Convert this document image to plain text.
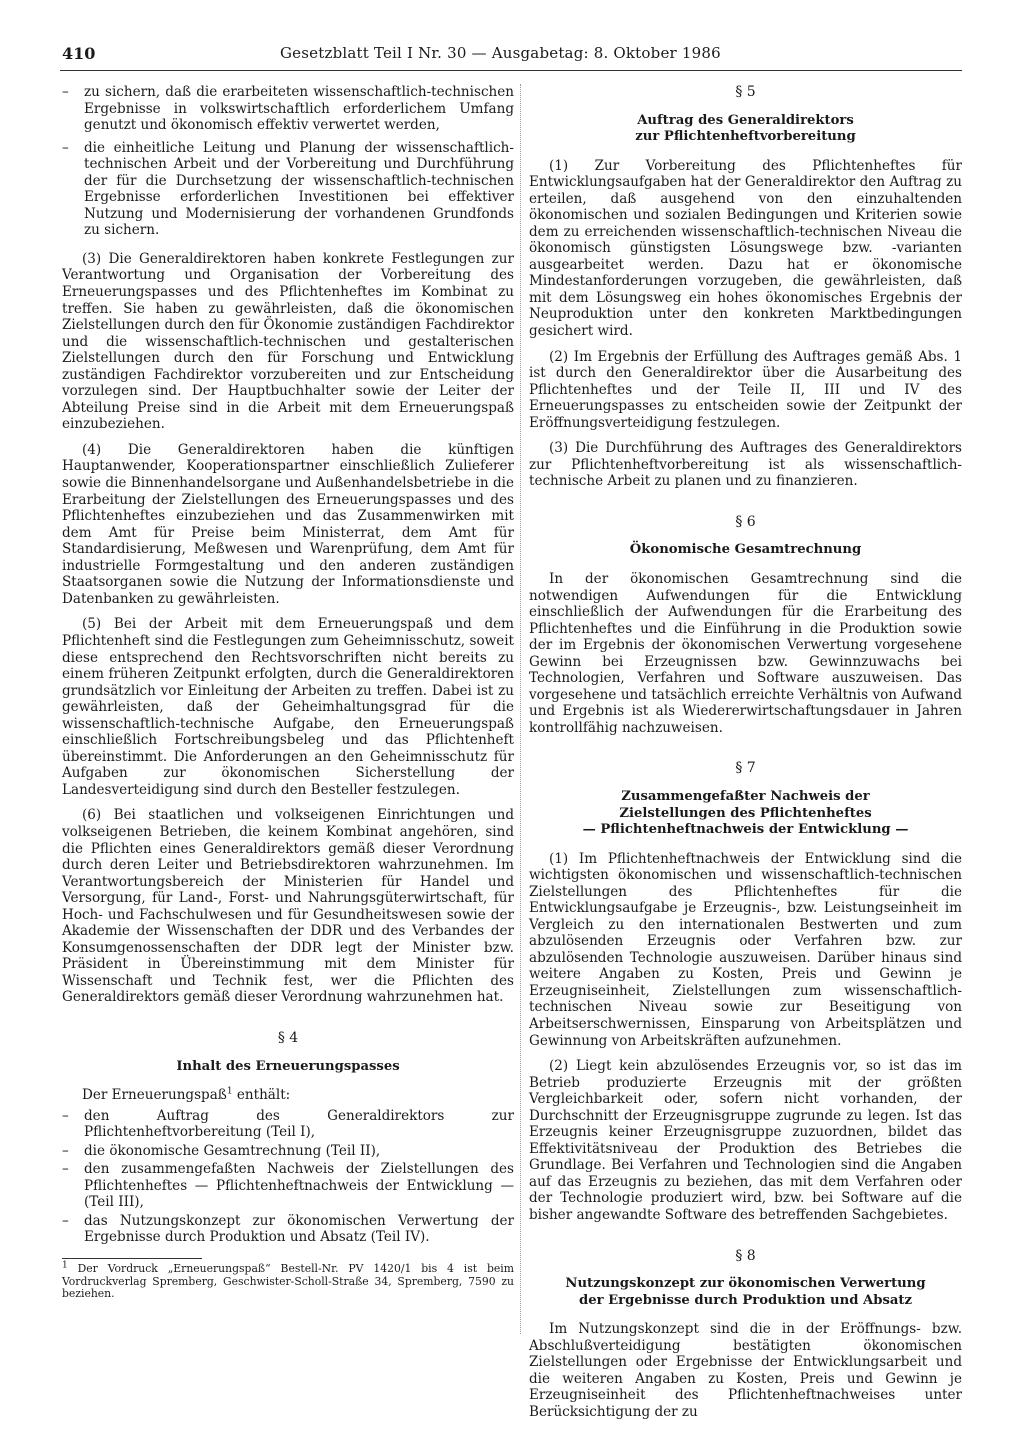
410	Gesetzblatt Teil I Nr. 30 — Ausgabetag: 8. Oktober 1986

– zu sichern, daß die erarbeiteten wissenschaftlich-technischen Ergebnisse in volkswirtschaftlich erforderlichem Umfang genutzt und ökonomisch effektiv verwertet werden,

– die einheitliche Leitung und Planung der wissenschaftlich-technischen Arbeit und der Vorbereitung und Durchführung der für die Durchsetzung der wissenschaftlich-technischen Ergebnisse erforderlichen Investitionen bei effektiver Nutzung und Modernisierung der vorhandenen Grundfonds zu sichern.

(3) Die Generaldirektoren haben konkrete Festlegungen zur Verantwortung und Organisation der Vorbereitung des Erneuerungspasses und des Pflichtenheftes im Kombinat zu treffen. Sie haben zu gewährleisten, daß die ökonomischen Zielstellungen durch den für Ökonomie zuständigen Fachdirektor und die wissenschaftlich-technischen und gestalterischen Zielstellungen durch den für Forschung und Entwicklung zuständigen Fachdirektor vorzubereiten und zur Entscheidung vorzulegen sind. Der Hauptbuchhalter sowie der Leiter der Abteilung Preise sind in die Arbeit mit dem Erneuerungspaß einzubeziehen.

(4) Die Generaldirektoren haben die künftigen Hauptanwender, Kooperationspartner einschließlich Zulieferer sowie die Binnenhandelsorgane und Außenhandelsbetriebe in die Erarbeitung der Zielstellungen des Erneuerungspasses und des Pflichtenheftes einzubeziehen und das Zusammenwirken mit dem Amt für Preise beim Ministerrat, dem Amt für Standardisierung, Meßwesen und Warenprüfung, dem Amt für industrielle Formgestaltung und den anderen zuständigen Staatsorganen sowie die Nutzung der Informationsdienste und Datenbanken zu gewährleisten.

(5) Bei der Arbeit mit dem Erneuerungspaß und dem Pflichtenheft sind die Festlegungen zum Geheimnisschutz, soweit diese entsprechend den Rechtsvorschriften nicht bereits zu einem früheren Zeitpunkt erfolgten, durch die Generaldirektoren grundsätzlich vor Einleitung der Arbeiten zu treffen. Dabei ist zu gewährleisten, daß der Geheimhaltungsgrad für die wissenschaftlich-technische Aufgabe, den Erneuerungspaß einschließlich Fortschreibungsbeleg und das Pflichtenheft übereinstimmt. Die Anforderungen an den Geheimnisschutz für Aufgaben zur ökonomischen Sicherstellung der Landesverteidigung sind durch den Besteller festzulegen.

(6) Bei staatlichen und volkseigenen Einrichtungen und volkseigenen Betrieben, die keinem Kombinat angehören, sind die Pflichten eines Generaldirektors gemäß dieser Verordnung durch deren Leiter und Betriebsdirektoren wahrzunehmen. Im Verantwortungsbereich der Ministerien für Handel und Versorgung, für Land-, Forst- und Nahrungsgüterwirtschaft, für Hoch- und Fachschulwesen und für Gesundheitswesen sowie der Akademie der Wissenschaften der DDR und des Verbandes der Konsumgenossenschaften der DDR legt der Minister bzw. Präsident in Übereinstimmung mit dem Minister für Wissenschaft und Technik fest, wer die Pflichten des Generaldirektors gemäß dieser Verordnung wahrzunehmen hat.

§ 4
Inhalt des Erneuerungspasses

Der Erneuerungspaß$^1$ enthält:

– den Auftrag des Generaldirektors zur Pflichtenheftvorbereitung (Teil I),

– die ökonomische Gesamtrechnung (Teil II),

– den zusammengefaßten Nachweis der Zielstellungen des Pflichtenheftes — Pflichtenheftnachweis der Entwicklung — (Teil III),

– das Nutzungskonzept zur ökonomischen Verwertung der Ergebnisse durch Produktion und Absatz (Teil IV).

$^1$ Der Vordruck „Erneuerungspaß“ Bestell-Nr. PV 1420/1 bis 4 ist beim Vordruckverlag Spremberg, Geschwister-Scholl-Straße 34, Spremberg, 7590 zu beziehen.

§ 5
Auftrag des Generaldirektors
zur Pflichtenheftvorbereitung

(1) Zur Vorbereitung des Pflichtenheftes für Entwicklungsaufgaben hat der Generaldirektor den Auftrag zu erteilen, daß ausgehend von den einzuhaltenden ökonomischen und sozialen Bedingungen und Kriterien sowie dem zu erreichenden wissenschaftlich-technischen Niveau die ökonomisch günstigsten Lösungswege bzw. -varianten ausgearbeitet werden. Dazu hat er ökonomische Mindestanforderungen vorzugeben, die gewährleisten, daß mit dem Lösungsweg ein hohes ökonomisches Ergebnis der Neuproduktion unter den konkreten Marktbedingungen gesichert wird.

(2) Im Ergebnis der Erfüllung des Auftrages gemäß Abs. 1 ist durch den Generaldirektor über die Ausarbeitung des Pflichtenheftes und der Teile II, III und IV des Erneuerungspasses zu entscheiden sowie der Zeitpunkt der Eröffnungsverteidigung festzulegen.

(3) Die Durchführung des Auftrages des Generaldirektors zur Pflichtenheftvorbereitung ist als wissenschaftlich-technische Arbeit zu planen und zu finanzieren.

§ 6
Ökonomische Gesamtrechnung

In der ökonomischen Gesamtrechnung sind die notwendigen Aufwendungen für die Entwicklung einschließlich der Aufwendungen für die Erarbeitung des Pflichtenheftes und die Einführung in die Produktion sowie der im Ergebnis der ökonomischen Verwertung vorgesehene Gewinn bei Erzeugnissen bzw. Gewinnzuwachs bei Technologien, Verfahren und Software auszuweisen. Das vorgesehene und tatsächlich erreichte Verhältnis von Aufwand und Ergebnis ist als Wiedererwirtschaftungsdauer in Jahren kontrollfähig nachzuweisen.

§ 7
Zusammengefaßter Nachweis der
Zielstellungen des Pflichtenheftes
— Pflichtenheftnachweis der Entwicklung —

(1) Im Pflichtenheftnachweis der Entwicklung sind die wichtigsten ökonomischen und wissenschaftlich-technischen Zielstellungen des Pflichtenheftes für die Entwicklungsaufgabe je Erzeugnis-, bzw. Leistungseinheit im Vergleich zu den internationalen Bestwerten und zum abzulösenden Erzeugnis oder Verfahren bzw. zur abzulösenden Technologie auszuweisen. Darüber hinaus sind weitere Angaben zu Kosten, Preis und Gewinn je Erzeugniseinheit, Zielstellungen zum wissenschaftlich-technischen Niveau sowie zur Beseitigung von Arbeitserschwernissen, Einsparung von Arbeitsplätzen und Gewinnung von Arbeitskräften aufzunehmen.

(2) Liegt kein abzulösendes Erzeugnis vor, so ist das im Betrieb produzierte Erzeugnis mit der größten Vergleichbarkeit oder, sofern nicht vorhanden, der Durchschnitt der Erzeugnisgruppe zugrunde zu legen. Ist das Erzeugnis keiner Erzeugnisgruppe zuzuordnen, bildet das Effektivitätsniveau der Produktion des Betriebes die Grundlage. Bei Verfahren und Technologien sind die Angaben auf das Erzeugnis zu beziehen, das mit dem Verfahren oder der Technologie produziert wird, bzw. bei Software auf die bisher angewandte Software des betreffenden Sachgebietes.

§ 8
Nutzungskonzept zur ökonomischen Verwertung
der Ergebnisse durch Produktion und Absatz

Im Nutzungskonzept sind die in der Eröffnungs- bzw. Abschlußverteidigung bestätigten ökonomischen Zielstellungen oder Ergebnisse der Entwicklungsarbeit und die weiteren Angaben zu Kosten, Preis und Gewinn je Erzeugniseinheit des Pflichtenheftnachweises unter Berücksichtigung der zu
